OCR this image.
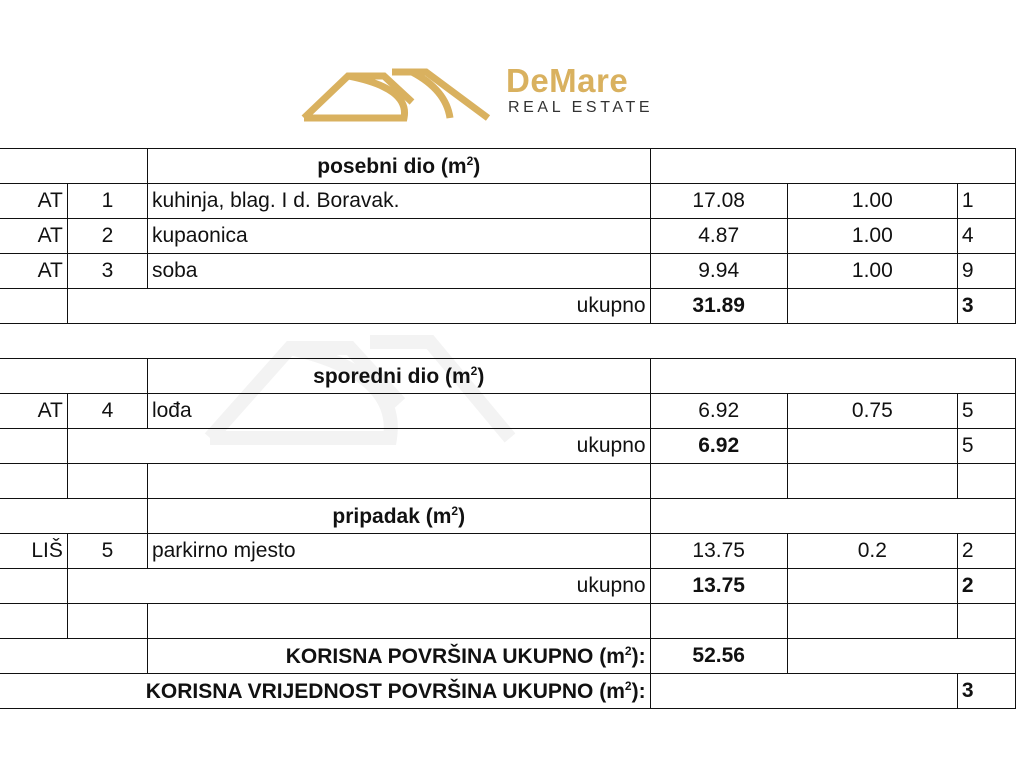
DeMare
REAL ESTATE
		posebni dio $(m^2)$			
AT	1	kuhinja, blag. I d. Boravak.	17.08	1.00	1
AT	2	kupaonica	4.87	1.00	4
AT	3	soba	9.94	1.00	9
	ukupno		31.89		3

		sporedni dio $(m^2)$			
AT	4	lođa	6.92	0.75	5
	ukupno		6.92		5

		pripadak $(m^2)$			
LIŠ	5	parkirno mjesto	13.75	0.2	2
	ukupno		13.75		2

		KORISNA POVRŠINA UKUPNO $(m^2)$:	52.56		
KORISNA VRIJEDNOST POVRŠINA UKUPNO $(m^2)$:					3
